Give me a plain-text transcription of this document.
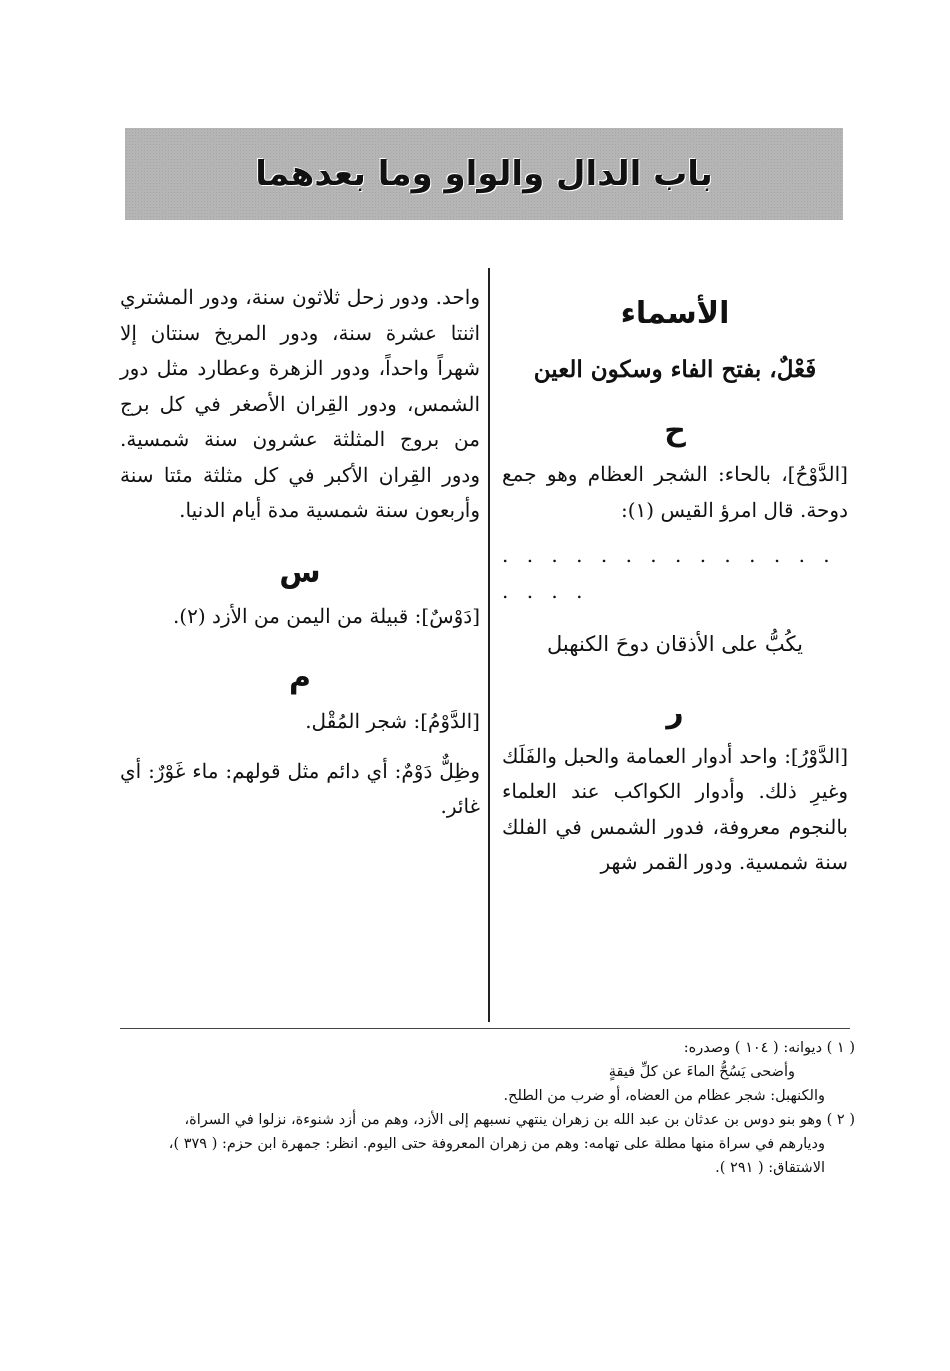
باب الدال والواو وما بعدهما
الأسماء
فَعْلٌ، بفتح الفاء وسكون العين
ح

[الدَّوْحُ]، بالحاء: الشجر العظام وهو جمع دوحة. قال امرؤ القيس (١):

. . . . . . . . . . . . . . . . . .
يكُبُّ على الأذقان دوحَ الكنهبل
ر

[الدَّوْرُ]: واحد أدوار العمامة والحبل والفَلَك وغيرِ ذلك. وأدوار الكواكب عند العلماء بالنجوم معروفة، فدور الشمس في الفلك سنة شمسية. ودور القمر شهر

واحد. ودور زحل ثلاثون سنة، ودور المشتري اثنتا عشرة سنة، ودور المريخ سنتان إلا شهراً واحداً، ودور الزهرة وعطارد مثل دور الشمس، ودور القِران الأصغر في كل برج من بروج المثلثة عشرون سنة شمسية. ودور القِران الأكبر في كل مثلثة مئتا سنة وأربعون سنة شمسية مدة أيام الدنيا.

س

[دَوْسٌ]: قبيلة من اليمن من الأزد (٢).

م

[الدَّوْمُ]: شجر المُقْل.

وظِلٌّ دَوْمٌ: أي دائم مثل قولهم: ماء غَوْرٌ: أي غائر.

( ١ ) ديوانه: ( ١٠٤ ) وصدره:

وأضحى يَسُحُّ الماءَ عن كلِّ فيقةٍ

والكنهبل: شجر عظام من العضاه، أو ضرب من الطلح.

( ٢ ) وهو بنو دوس بن عدثان بن عبد الله بن زهران ينتهي نسبهم إلى الأزد، وهم من أزد شنوءة، نزلوا في السراة،

وديارهم في سراة منها مطلة على تهامه: وهم من زهران المعروفة حتى اليوم. انظر: جمهرة ابن حزم: ( ٣٧٩ )،

الاشتقاق: ( ٢٩١ ).
